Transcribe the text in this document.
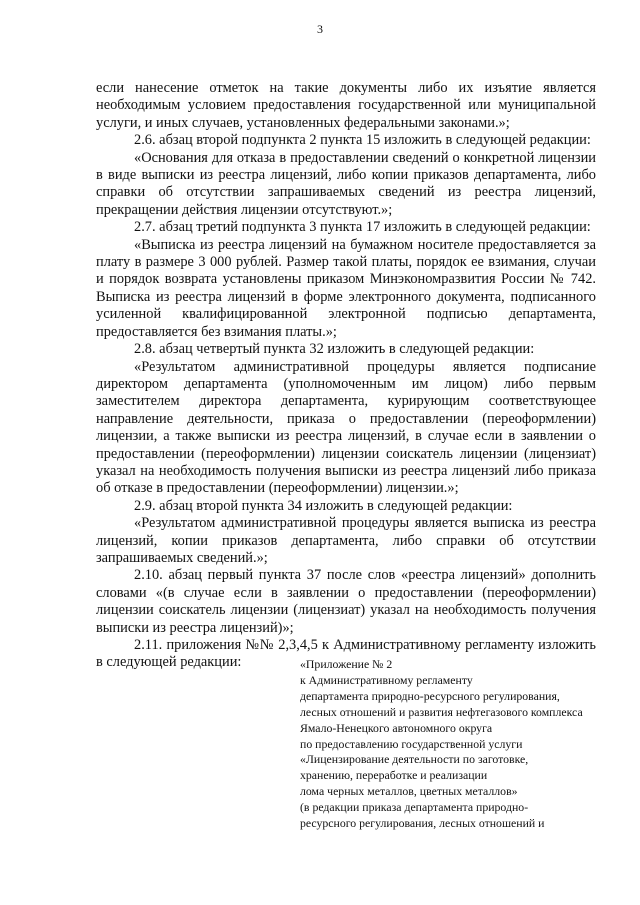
3

если нанесение отметок на такие документы либо их изъятие является необходимым условием предоставления государственной или муниципальной услуги, и иных случаев, установленных федеральными законами.»;

2.6. абзац второй подпункта 2 пункта 15 изложить в следующей редакции:

«Основания для отказа в предоставлении сведений о конкретной лицензии в виде выписки из реестра лицензий, либо копии приказов департамента, либо справки об отсутствии запрашиваемых сведений из реестра лицензий, прекращении действия лицензии отсутствуют.»;

2.7. абзац третий подпункта 3 пункта 17 изложить в следующей редакции:

«Выписка из реестра лицензий на бумажном носителе предоставляется за плату в размере 3 000 рублей. Размер такой платы, порядок ее взимания, случаи и порядок возврата установлены приказом Минэкономразвития России № 742. Выписка из реестра лицензий в форме электронного документа, подписанного усиленной квалифицированной электронной подписью департамента, предоставляется без взимания платы.»;

2.8. абзац четвертый пункта 32 изложить в следующей редакции:

«Результатом административной процедуры является подписание директором департамента (уполномоченным им лицом) либо первым заместителем директора департамента, курирующим соответствующее направление деятельности, приказа о предоставлении (переоформлении) лицензии, а также выписки из реестра лицензий, в случае если в заявлении о предоставлении (переоформлении) лицензии соискатель лицензии (лицензиат) указал на необходимость получения выписки из реестра лицензий либо приказа об отказе в предоставлении (переоформлении) лицензии.»;

2.9. абзац второй пункта 34 изложить в следующей редакции:

«Результатом административной процедуры является выписка из реестра лицензий, копии приказов департамента, либо справки об отсутствии запрашиваемых сведений.»;

2.10. абзац первый пункта 37 после слов «реестра лицензий» дополнить словами «(в случае если в заявлении о предоставлении (переоформлении) лицензии соискатель лицензии (лицензиат) указал на необходимость получения выписки из реестра лицензий)»;

2.11. приложения №№ 2,3,4,5 к Административному регламенту изложить в следующей редакции:	«Приложение № 2
к Административному регламенту
департамента природно-ресурсного регулирования,
лесных отношений и развития нефтегазового комплекса
Ямало-Ненецкого автономного округа
по предоставлению государственной услуги
«Лицензирование деятельности по заготовке,
хранению, переработке и реализации
лома черных металлов, цветных металлов»
(в редакции приказа департамента природно-
ресурсного регулирования, лесных отношений и
